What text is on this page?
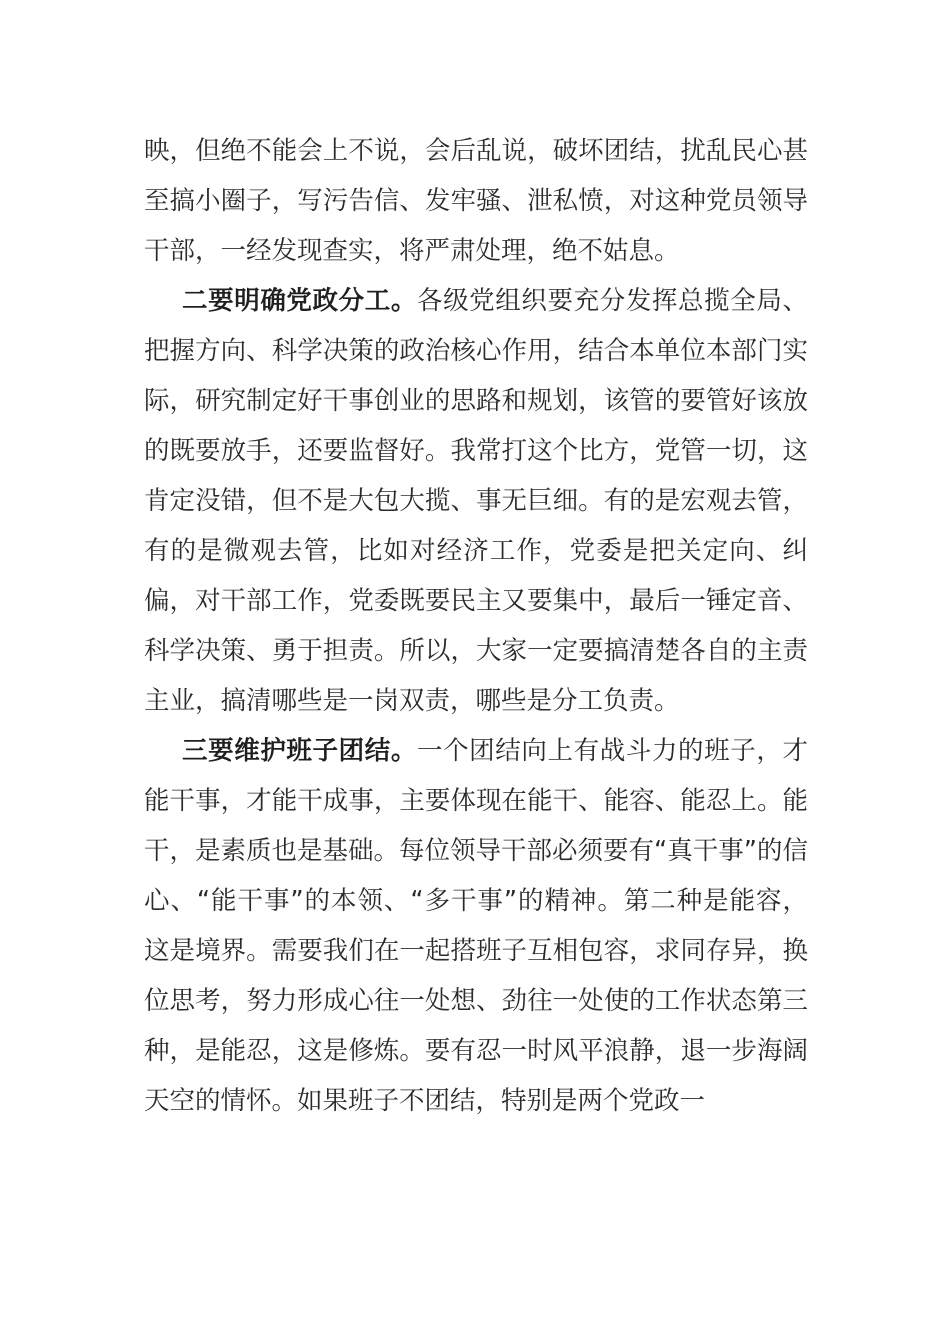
映，但绝不能会上不说，会后乱说，破坏团结，扰乱民心甚至搞小圈子，写污告信、发牢骚、泄私愤，对这种党员领导干部，一经发现查实，将严肃处理，绝不姑息。

二要明确党政分工。各级党组织要充分发挥总揽全局、把握方向、科学决策的政治核心作用，结合本单位本部门实际，研究制定好干事创业的思路和规划，该管的要管好该放的既要放手，还要监督好。我常打这个比方，党管一切，这肯定没错，但不是大包大揽、事无巨细。有的是宏观去管，有的是微观去管，比如对经济工作，党委是把关定向、纠偏，对干部工作，党委既要民主又要集中，最后一锤定音、科学决策、勇于担责。所以，大家一定要搞清楚各自的主责主业，搞清哪些是一岗双责，哪些是分工负责。

三要维护班子团结。一个团结向上有战斗力的班子，才能干事，才能干成事，主要体现在能干、能容、能忍上。能干，是素质也是基础。每位领导干部必须要有“真干事”的信心、“能干事”的本领、“多干事”的精神。第二种是能容，这是境界。需要我们在一起搭班子互相包容，求同存异，换位思考，努力形成心往一处想、劲往一处使的工作状态第三种，是能忍，这是修炼。要有忍一时风平浪静，退一步海阔天空的情怀。如果班子不团结，特别是两个党政一
